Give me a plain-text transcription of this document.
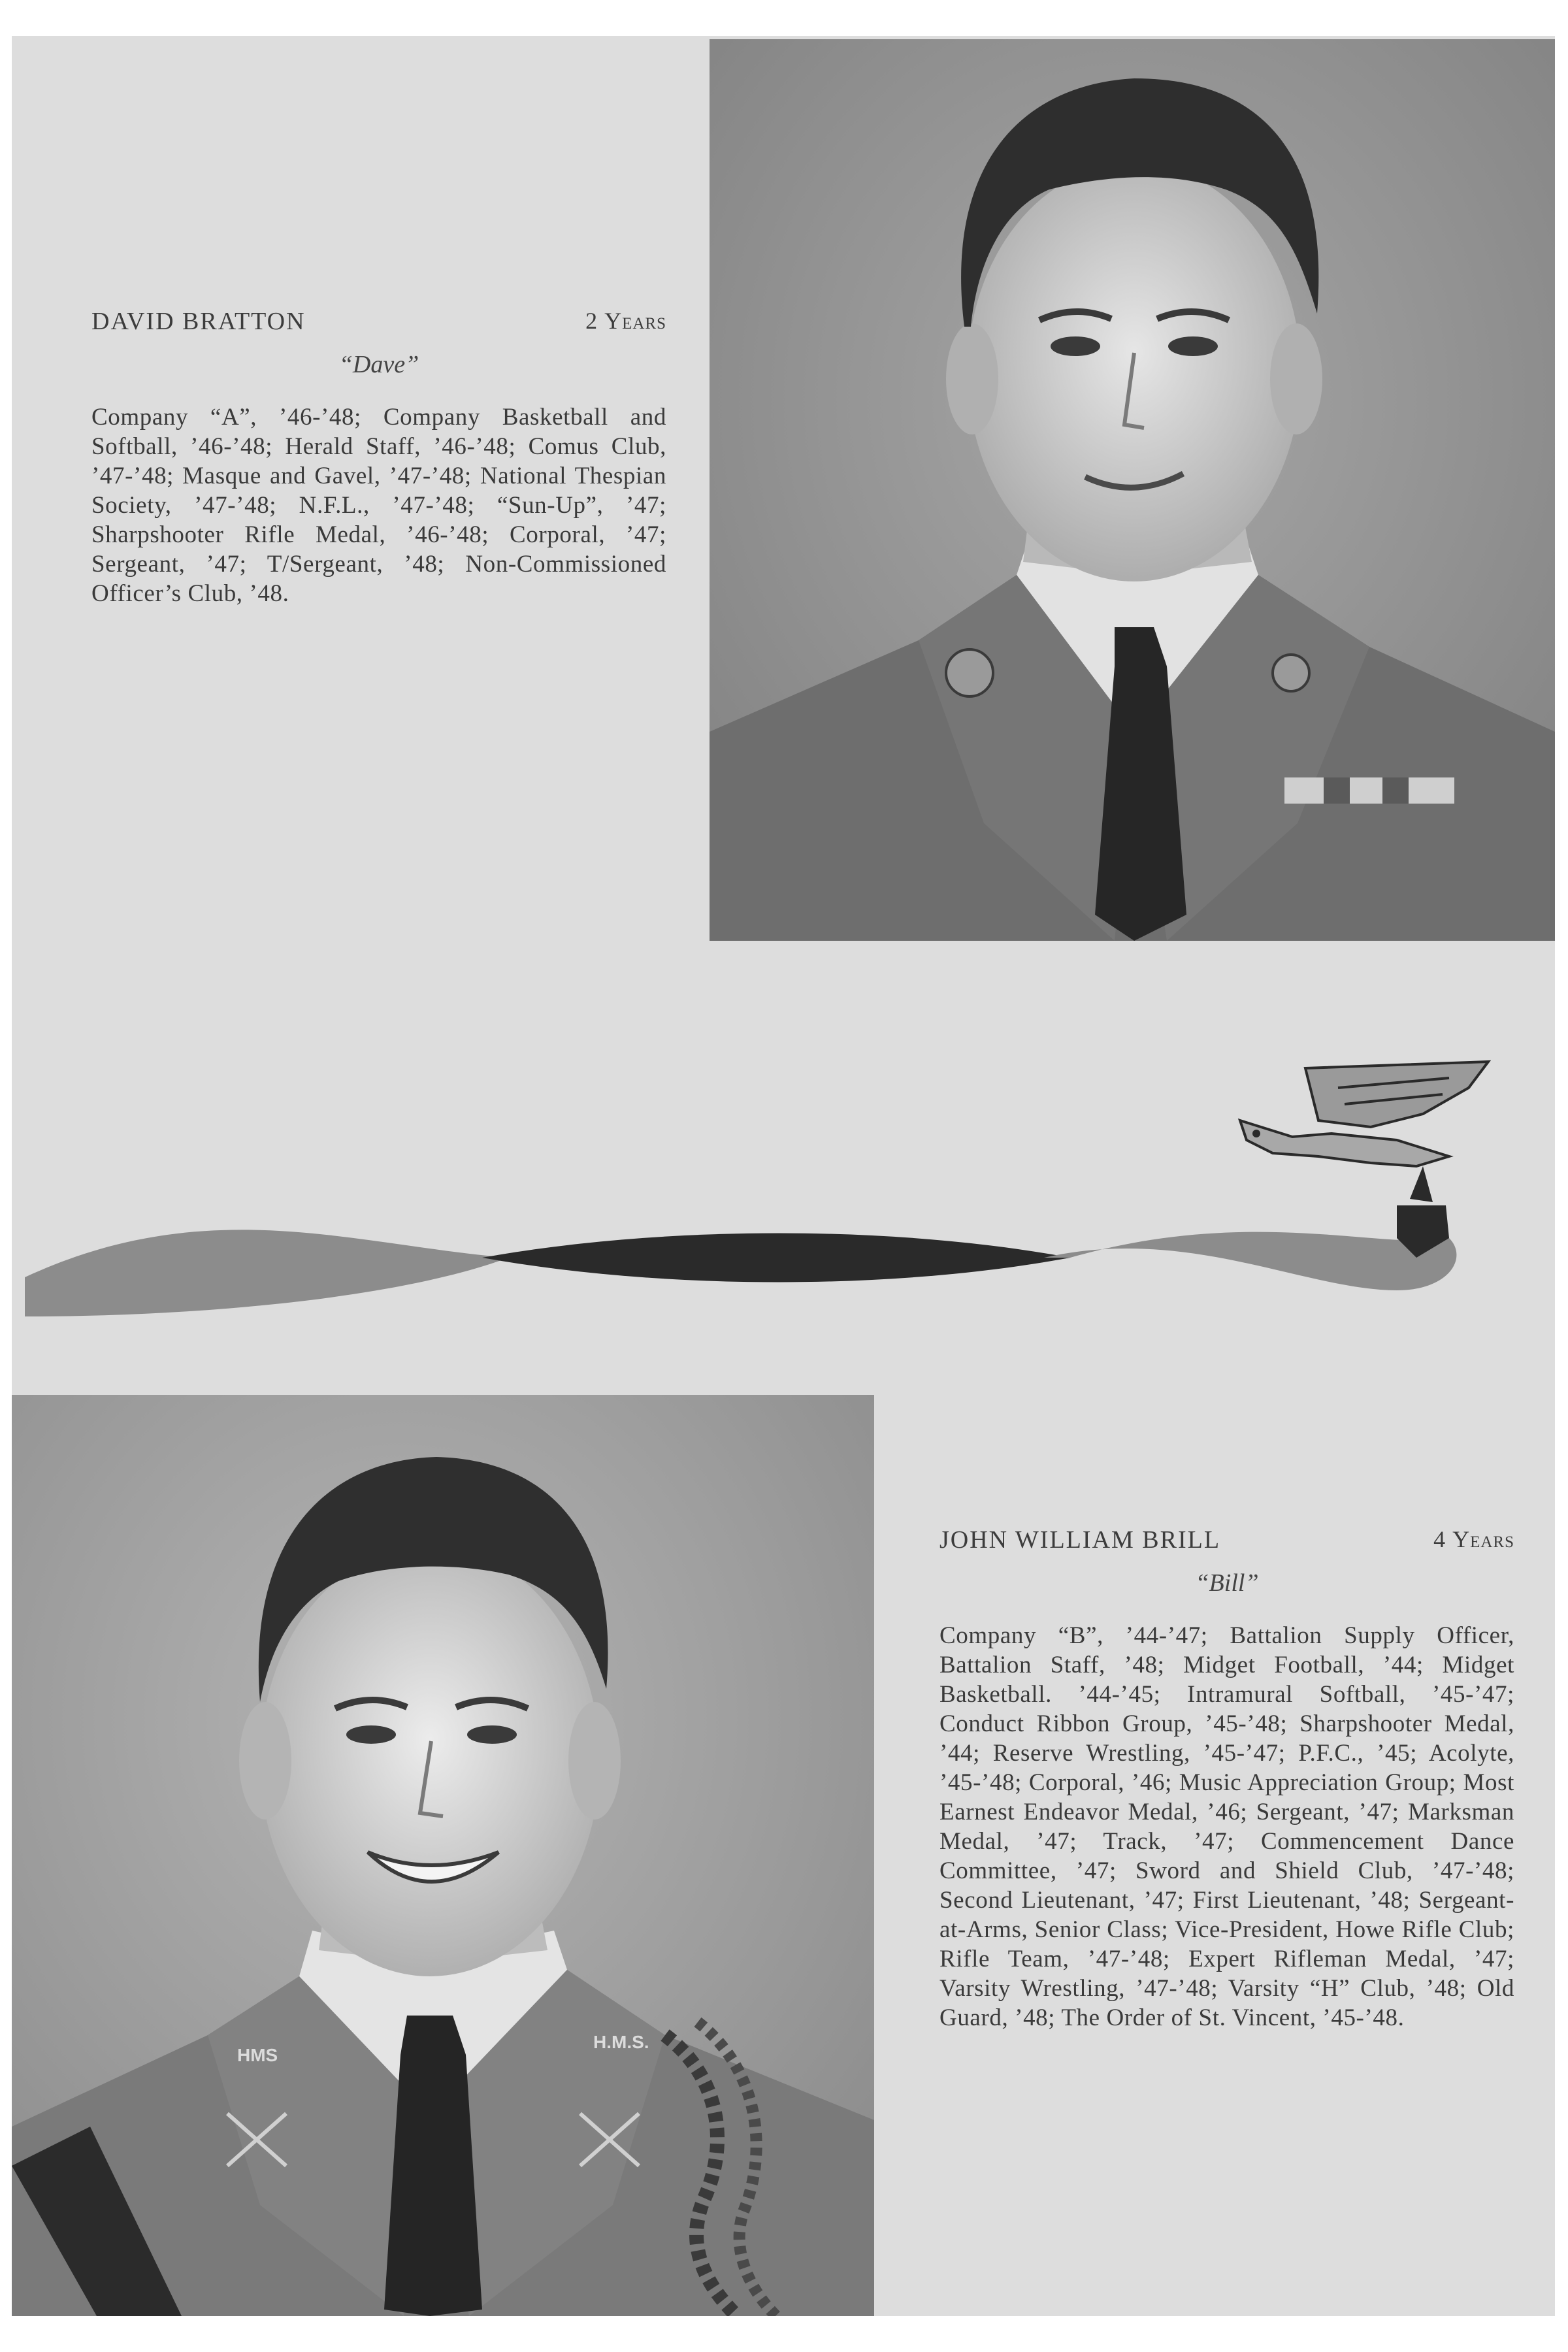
DAVID BRATTON	2 Years
“Dave”
Company “A”, ’46-’48; Company Basketball and Softball, ’46-’48; Herald Staff, ’46-’48; Comus Club, ’47-’48; Masque and Gavel, ’47-’48; National Thespian Society, ’47-’48; N.F.L., ’47-’48; “Sun-Up”, ’47; Sharpshooter Rifle Medal, ’46-’48; Corporal, ’47; Sergeant, ’47; T/Sergeant, ’48; Non-Commissioned Officer’s Club, ’48.
HMS
H.M.S.
JOHN WILLIAM BRILL	4 Years
“Bill”
Company “B”, ’44-’47; Battalion Supply Officer, Battalion Staff, ’48; Midget Football, ’44; Midget Basketball. ’44-’45; Intramural Softball, ’45-’47; Conduct Ribbon Group, ’45-’48; Sharpshooter Medal, ’44; Reserve Wrestling, ’45-’47; P.F.C., ’45; Acolyte, ’45-’48; Corporal, ’46; Music Appreciation Group; Most Earnest Endeavor Medal, ’46; Sergeant, ’47; Marksman Medal, ’47; Track, ’47; Commencement Dance Committee, ’47; Sword and Shield Club, ’47-’48; Second Lieutenant, ’47; First Lieutenant, ’48; Sergeant-at-Arms, Senior Class; Vice-President, Howe Rifle Club; Rifle Team, ’47-’48; Expert Rifleman Medal, ’47; Varsity Wrestling, ’47-’48; Varsity “H” Club, ’48; Old Guard, ’48; The Order of St. Vincent, ’45-’48.
